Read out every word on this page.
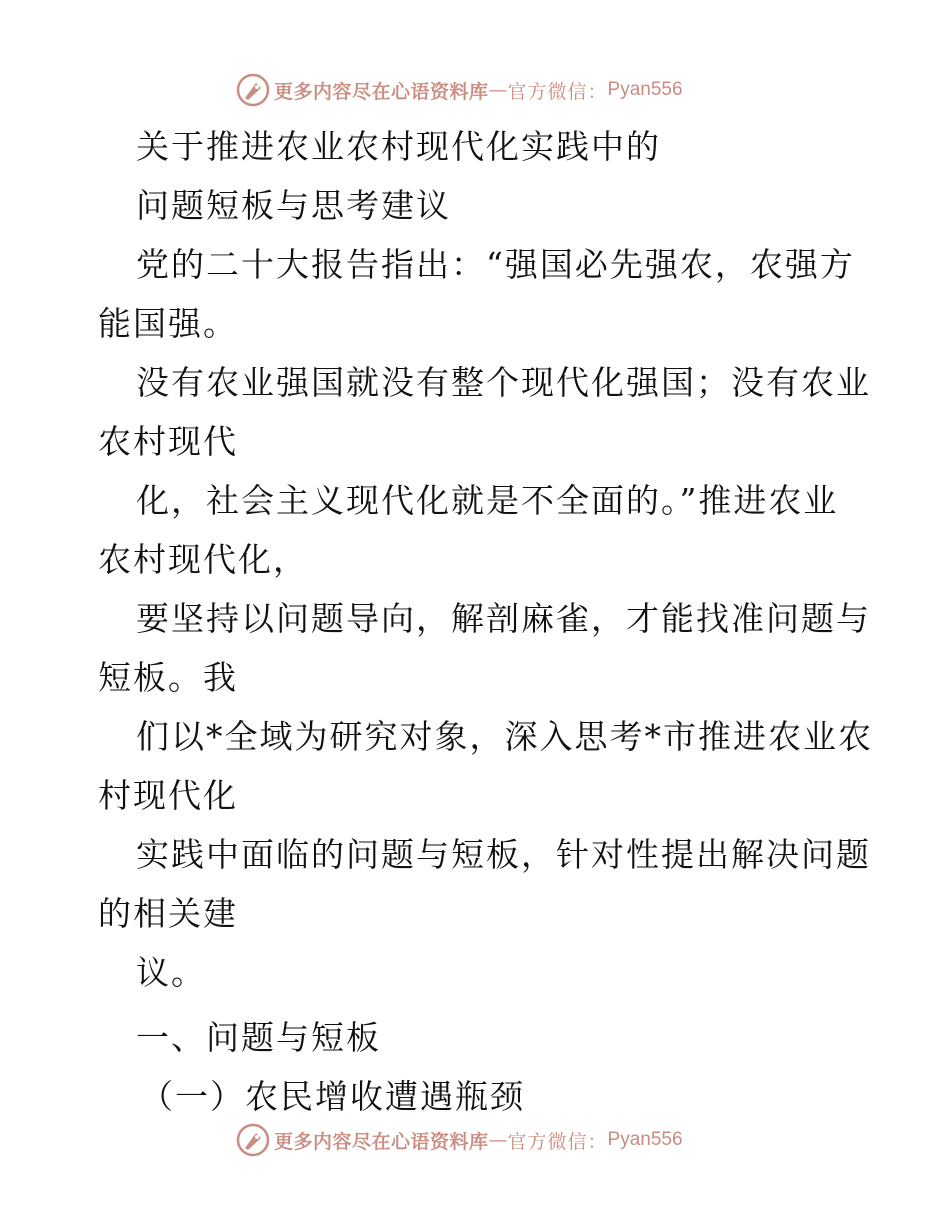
更多内容尽在心语资料库 — 官方微信： Pyan556
关于推进农业农村现代化实践中的
问题短板与思考建议
党的二十大报告指出：“强国必先强农，农强方
能国强。
没有农业强国就没有整个现代化强国；没有农业
农村现代
化，社会主义现代化就是不全面的。”推进农业
农村现代化，
要坚持以问题导向，解剖麻雀，才能找准问题与
短板。我
们以*全域为研究对象，深入思考*市推进农业农
村现代化
实践中面临的问题与短板，针对性提出解决问题
的相关建
议。
一、问题与短板
（一）农民增收遭遇瓶颈
更多内容尽在心语资料库 — 官方微信： Pyan556
